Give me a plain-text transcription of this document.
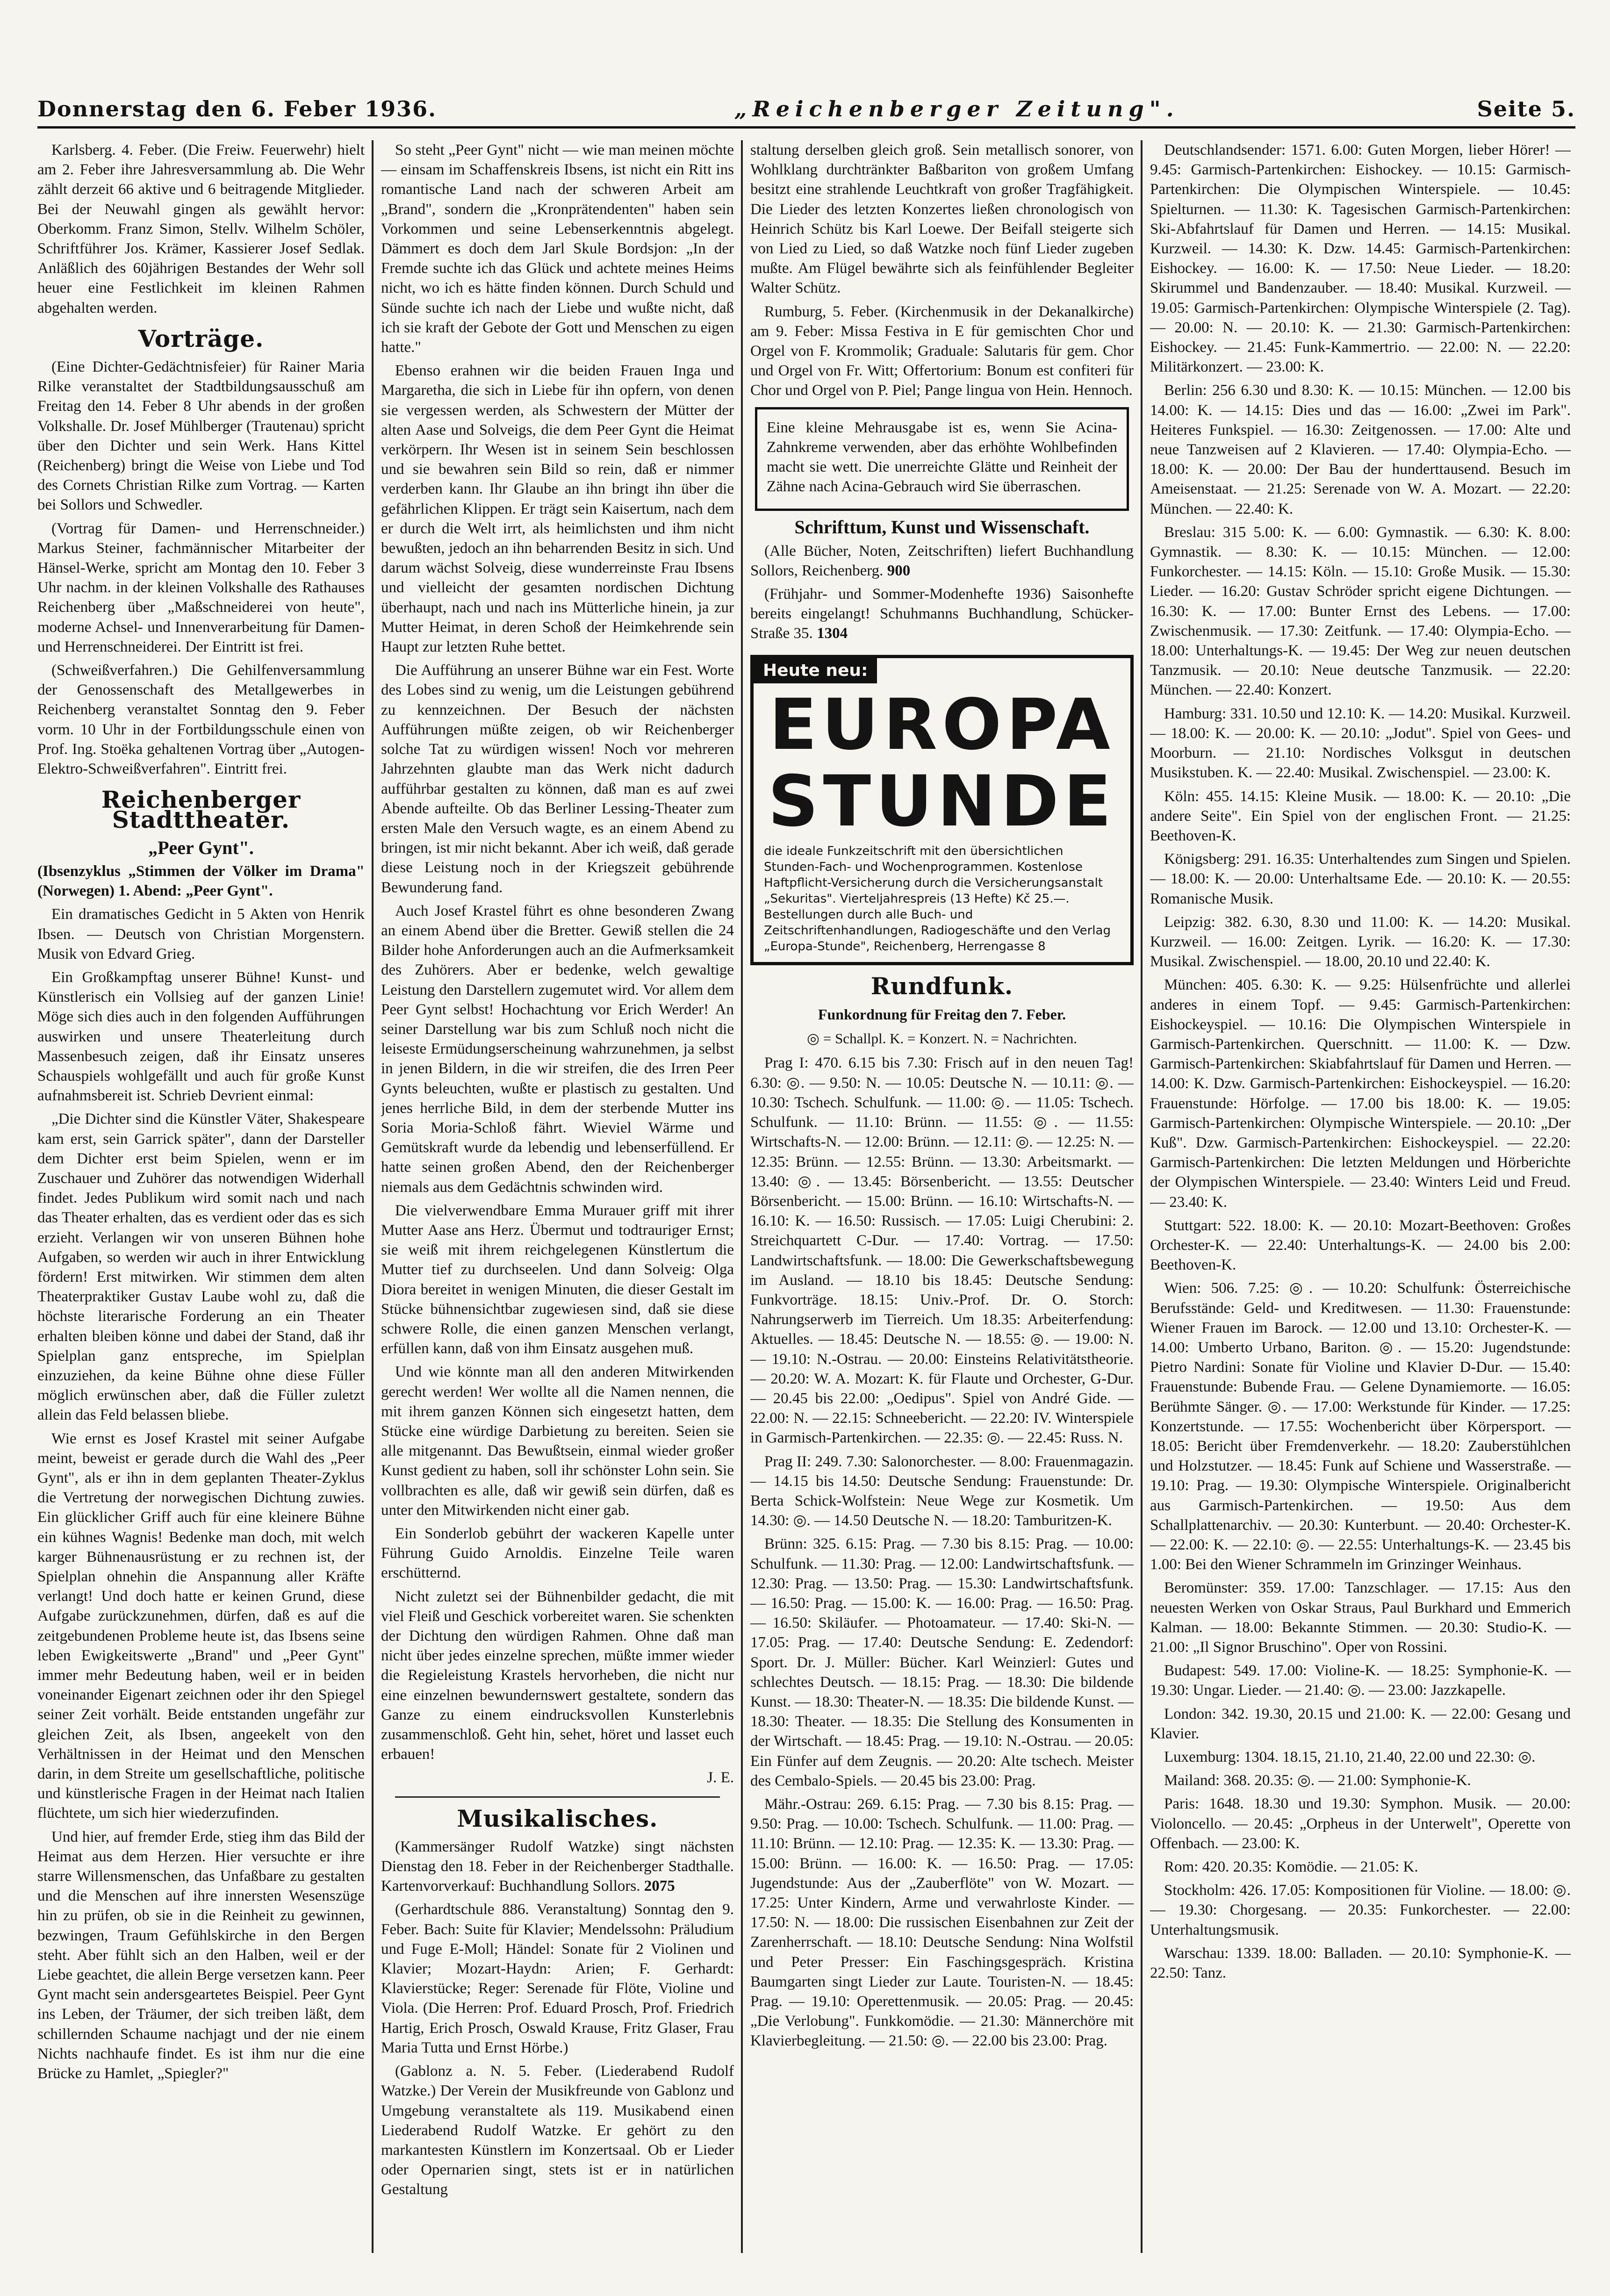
Donnerstag den 6. Feber 1936.	„Reichenberger Zeitung".	Seite 5.

Karlsberg. 4. Feber. (Die Freiw. Feuerwehr) hielt am 2. Feber ihre Jahresversammlung ab. Die Wehr zählt derzeit 66 aktive und 6 beitragende Mitglieder. Bei der Neuwahl gingen als gewählt hervor: Oberkomm. Franz Simon, Stellv. Wilhelm Schöler, Schriftführer Jos. Krämer, Kassierer Josef Sedlak. Anläßlich des 60jährigen Bestandes der Wehr soll heuer eine Festlichkeit im kleinen Rahmen abgehalten werden.

Vorträge.

(Eine Dichter-Gedächtnisfeier) für Rainer Maria Rilke veranstaltet der Stadtbildungsausschuß am Freitag den 14. Feber 8 Uhr abends in der großen Volkshalle. Dr. Josef Mühlberger (Trautenau) spricht über den Dichter und sein Werk. Hans Kittel (Reichenberg) bringt die Weise von Liebe und Tod des Cornets Christian Rilke zum Vortrag. — Karten bei Sollors und Schwedler.

(Vortrag für Damen- und Herrenschneider.) Markus Steiner, fachmännischer Mitarbeiter der Hänsel-Werke, spricht am Montag den 10. Feber 3 Uhr nachm. in der kleinen Volkshalle des Rathauses Reichenberg über „Maßschneiderei von heute", moderne Achsel- und Innenverarbeitung für Damen- und Herrenschneiderei. Der Eintritt ist frei.

(Schweißverfahren.) Die Gehilfenversammlung der Genossenschaft des Metallgewerbes in Reichenberg veranstaltet Sonntag den 9. Feber vorm. 10 Uhr in der Fortbildungsschule einen von Prof. Ing. Stoëka gehaltenen Vortrag über „Autogen-Elektro-Schweißverfahren". Eintritt frei.

Reichenberger Stadttheater.
„Peer Gynt".

(Ibsenzyklus „Stimmen der Völker im Drama" (Norwegen) 1. Abend: „Peer Gynt".

Ein dramatisches Gedicht in 5 Akten von Henrik Ibsen. — Deutsch von Christian Morgenstern. Musik von Edvard Grieg.

Ein Großkampftag unserer Bühne! Kunst- und Künstlerisch ein Vollsieg auf der ganzen Linie! Möge sich dies auch in den folgenden Aufführungen auswirken und unsere Theaterleitung durch Massenbesuch zeigen, daß ihr Einsatz unseres Schauspiels wohlgefällt und auch für große Kunst aufnahmsbereit ist. Schrieb Devrient einmal:

„Die Dichter sind die Künstler Väter, Shakespeare kam erst, sein Garrick später", dann der Darsteller dem Dichter erst beim Spielen, wenn er im Zuschauer und Zuhörer das notwendigen Widerhall findet. Jedes Publikum wird somit nach und nach das Theater erhalten, das es verdient oder das es sich erzieht. Verlangen wir von unseren Bühnen hohe Aufgaben, so werden wir auch in ihrer Entwicklung fördern! Erst mitwirken. Wir stimmen dem alten Theaterpraktiker Gustav Laube wohl zu, daß die höchste literarische Forderung an ein Theater erhalten bleiben könne und dabei der Stand, daß ihr Spielplan ganz entspreche, im Spielplan einzuziehen, da keine Bühne ohne diese Füller möglich erwünschen aber, daß die Füller zuletzt allein das Feld belassen bliebe.

Wie ernst es Josef Krastel mit seiner Aufgabe meint, beweist er gerade durch die Wahl des „Peer Gynt", als er ihn in dem geplanten Theater-Zyklus die Vertretung der norwegischen Dichtung zuwies. Ein glücklicher Griff auch für eine kleinere Bühne ein kühnes Wagnis! Bedenke man doch, mit welch karger Bühnenausrüstung er zu rechnen ist, der Spielplan ohnehin die Anspannung aller Kräfte verlangt! Und doch hatte er keinen Grund, diese Aufgabe zurückzunehmen, dürfen, daß es auf die zeitgebundenen Probleme heute ist, das Ibsens seine leben Ewigkeitswerte „Brand" und „Peer Gynt" immer mehr Bedeutung haben, weil er in beiden voneinander Eigenart zeichnen oder ihr den Spiegel seiner Zeit vorhält. Beide entstanden ungefähr zur gleichen Zeit, als Ibsen, angeekelt von den Verhältnissen in der Heimat und den Menschen darin, in dem Streite um gesellschaftliche, politische und künstlerische Fragen in der Heimat nach Italien flüchtete, um sich hier wiederzufinden.

Und hier, auf fremder Erde, stieg ihm das Bild der Heimat aus dem Herzen. Hier versuchte er ihre starre Willensmenschen, das Unfaßbare zu gestalten und die Menschen auf ihre innersten Wesenszüge hin zu prüfen, ob sie in die Reinheit zu gewinnen, bezwingen, Traum Gefühlskirche in den Bergen steht. Aber fühlt sich an den Halben, weil er der Liebe geachtet, die allein Berge versetzen kann. Peer Gynt macht sein andersgeartetes Beispiel. Peer Gynt ins Leben, der Träumer, der sich treiben läßt, dem schillernden Schaume nachjagt und der nie einem Nichts nachhaufe findet. Es ist ihm nur die eine Brücke zu Hamlet, „Spiegler?"

So steht „Peer Gynt" nicht — wie man meinen möchte — einsam im Schaffenskreis Ibsens, ist nicht ein Ritt ins romantische Land nach der schweren Arbeit am „Brand", sondern die „Kronprätendenten" haben sein Vorkommen und seine Lebenserkenntnis abgelegt. Dämmert es doch dem Jarl Skule Bordsjon: „In der Fremde suchte ich das Glück und achtete meines Heims nicht, wo ich es hätte finden können. Durch Schuld und Sünde suchte ich nach der Liebe und wußte nicht, daß ich sie kraft der Gebote der Gott und Menschen zu eigen hatte."

Ebenso erahnen wir die beiden Frauen Inga und Margaretha, die sich in Liebe für ihn opfern, von denen sie vergessen werden, als Schwestern der Mütter der alten Aase und Solveigs, die dem Peer Gynt die Heimat verkörpern. Ihr Wesen ist in seinem Sein beschlossen und sie bewahren sein Bild so rein, daß er nimmer verderben kann. Ihr Glaube an ihn bringt ihn über die gefährlichen Klippen. Er trägt sein Kaisertum, nach dem er durch die Welt irrt, als heimlichsten und ihm nicht bewußten, jedoch an ihn beharrenden Besitz in sich. Und darum wächst Solveig, diese wunderreinste Frau Ibsens und vielleicht der gesamten nordischen Dichtung überhaupt, nach und nach ins Mütterliche hinein, ja zur Mutter Heimat, in deren Schoß der Heimkehrende sein Haupt zur letzten Ruhe bettet.

Die Aufführung an unserer Bühne war ein Fest. Worte des Lobes sind zu wenig, um die Leistungen gebührend zu kennzeichnen. Der Besuch der nächsten Aufführungen müßte zeigen, ob wir Reichenberger solche Tat zu würdigen wissen! Noch vor mehreren Jahrzehnten glaubte man das Werk nicht dadurch aufführbar gestalten zu können, daß man es auf zwei Abende aufteilte. Ob das Berliner Lessing-Theater zum ersten Male den Versuch wagte, es an einem Abend zu bringen, ist mir nicht bekannt. Aber ich weiß, daß gerade diese Leistung noch in der Kriegszeit gebührende Bewunderung fand.

Auch Josef Krastel führt es ohne besonderen Zwang an einem Abend über die Bretter. Gewiß stellen die 24 Bilder hohe Anforderungen auch an die Aufmerksamkeit des Zuhörers. Aber er bedenke, welch gewaltige Leistung den Darstellern zugemutet wird. Vor allem dem Peer Gynt selbst! Hochachtung vor Erich Werder! An seiner Darstellung war bis zum Schluß noch nicht die leiseste Ermüdungserscheinung wahrzunehmen, ja selbst in jenen Bildern, in die wir streifen, die des Irren Peer Gynts beleuchten, wußte er plastisch zu gestalten. Und jenes herrliche Bild, in dem der sterbende Mutter ins Soria Moria-Schloß fährt. Wieviel Wärme und Gemütskraft wurde da lebendig und lebenserfüllend. Er hatte seinen großen Abend, den der Reichenberger niemals aus dem Gedächtnis schwinden wird.

Die vielverwendbare Emma Murauer griff mit ihrer Mutter Aase ans Herz. Übermut und todtrauriger Ernst; sie weiß mit ihrem reichgelegenen Künstlertum die Mutter tief zu durchseelen. Und dann Solveig: Olga Diora bereitet in wenigen Minuten, die dieser Gestalt im Stücke bühnensichtbar zugewiesen sind, daß sie diese schwere Rolle, die einen ganzen Menschen verlangt, erfüllen kann, daß von ihm Einsatz ausgehen muß.

Und wie könnte man all den anderen Mitwirkenden gerecht werden! Wer wollte all die Namen nennen, die mit ihrem ganzen Können sich eingesetzt hatten, dem Stücke eine würdige Darbietung zu bereiten. Seien sie alle mitgenannt. Das Bewußtsein, einmal wieder großer Kunst gedient zu haben, soll ihr schönster Lohn sein. Sie vollbrachten es alle, daß wir gewiß sein dürfen, daß es unter den Mitwirkenden nicht einer gab.

Ein Sonderlob gebührt der wackeren Kapelle unter Führung Guido Arnoldis. Einzelne Teile waren erschütternd.

Nicht zuletzt sei der Bühnenbilder gedacht, die mit viel Fleiß und Geschick vorbereitet waren. Sie schenkten der Dichtung den würdigen Rahmen. Ohne daß man nicht über jedes einzelne sprechen, müßte immer wieder die Regieleistung Krastels hervorheben, die nicht nur eine einzelnen bewundernswert gestaltete, sondern das Ganze zu einem eindrucksvollen Kunsterlebnis zusammenschloß. Geht hin, sehet, höret und lasset euch erbauen!

J. E.

Musikalisches.

(Kammersänger Rudolf Watzke) singt nächsten Dienstag den 18. Feber in der Reichenberger Stadthalle. Kartenvorverkauf: Buchhandlung Sollors. 2075

(Gerhardtschule 886. Veranstaltung) Sonntag den 9. Feber. Bach: Suite für Klavier; Mendelssohn: Präludium und Fuge E-Moll; Händel: Sonate für 2 Violinen und Klavier; Mozart-Haydn: Arien; F. Gerhardt: Klavierstücke; Reger: Serenade für Flöte, Violine und Viola. (Die Herren: Prof. Eduard Prosch, Prof. Friedrich Hartig, Erich Prosch, Oswald Krause, Fritz Glaser, Frau Maria Tutta und Ernst Hörbe.)

(Gablonz a. N. 5. Feber. (Liederabend Rudolf Watzke.) Der Verein der Musikfreunde von Gablonz und Umgebung veranstaltete als 119. Musikabend einen Liederabend Rudolf Watzke. Er gehört zu den markantesten Künstlern im Konzertsaal. Ob er Lieder oder Opernarien singt, stets ist er in natürlichen Gestaltung

staltung derselben gleich groß. Sein metallisch sonorer, von Wohlklang durchtränkter Baßbariton von großem Umfang besitzt eine strahlende Leuchtkraft von großer Tragfähigkeit. Die Lieder des letzten Konzertes ließen chronologisch von Heinrich Schütz bis Karl Loewe. Der Beifall steigerte sich von Lied zu Lied, so daß Watzke noch fünf Lieder zugeben mußte. Am Flügel bewährte sich als feinfühlender Begleiter Walter Schütz.

Rumburg, 5. Feber. (Kirchenmusik in der Dekanalkirche) am 9. Feber: Missa Festiva in E für gemischten Chor und Orgel von F. Krommolik; Graduale: Salutaris für gem. Chor und Orgel von Fr. Witt; Offertorium: Bonum est confiteri für Chor und Orgel von P. Piel; Pange lingua von Hein. Hennoch.

Eine kleine Mehrausgabe ist es, wenn Sie Acina-Zahnkreme verwenden, aber das erhöhte Wohlbefinden macht sie wett. Die unerreichte Glätte und Reinheit der Zähne nach Acina-Gebrauch wird Sie überraschen.

Schrifttum, Kunst und Wissenschaft.

(Alle Bücher, Noten, Zeitschriften) liefert Buchhandlung Sollors, Reichenberg. 900

(Frühjahr- und Sommer-Modenhefte 1936) Saisonhefte bereits eingelangt! Schuhmanns Buchhandlung, Schücker-Straße 35. 1304

Heute neu:
EUROPA
STUNDE
die ideale Funkzeitschrift mit den übersichtlichen Stunden-Fach- und Wochenprogrammen. Kostenlose Haftpflicht-Versicherung durch die Versicherungsanstalt „Sekuritas". Vierteljahrespreis (13 Hefte) Kč 25.—. Bestellungen durch alle Buch- und Zeitschriftenhandlungen, Radiogeschäfte und den Verlag „Europa-Stunde", Reichenberg, Herrengasse 8
Rundfunk.
Funkordnung für Freitag den 7. Feber.
◎ = Schallpl. K. = Konzert. N. = Nachrichten.

Prag I: 470. 6.15 bis 7.30: Frisch auf in den neuen Tag! 6.30: ◎. — 9.50: N. — 10.05: Deutsche N. — 10.11: ◎. — 10.30: Tschech. Schulfunk. — 11.00: ◎. — 11.05: Tschech. Schulfunk. — 11.10: Brünn. — 11.55: ◎. — 11.55: Wirtschafts-N. — 12.00: Brünn. — 12.11: ◎. — 12.25: N. — 12.35: Brünn. — 12.55: Brünn. — 13.30: Arbeitsmarkt. — 13.40: ◎. — 13.45: Börsenbericht. — 13.55: Deutscher Börsenbericht. — 15.00: Brünn. — 16.10: Wirtschafts-N. — 16.10: K. — 16.50: Russisch. — 17.05: Luigi Cherubini: 2. Streichquartett C-Dur. — 17.40: Vortrag. — 17.50: Landwirtschaftsfunk. — 18.00: Die Gewerkschaftsbewegung im Ausland. — 18.10 bis 18.45: Deutsche Sendung: Funkvorträge. 18.15: Univ.-Prof. Dr. O. Storch: Nahrungserwerb im Tierreich. Um 18.35: Arbeiterfendung: Aktuelles. — 18.45: Deutsche N. — 18.55: ◎. — 19.00: N. — 19.10: N.-Ostrau. — 20.00: Einsteins Relativitätstheorie. — 20.20: W. A. Mozart: K. für Flaute und Orchester, G-Dur. — 20.45 bis 22.00: „Oedipus". Spiel von André Gide. — 22.00: N. — 22.15: Schneebericht. — 22.20: IV. Winterspiele in Garmisch-Partenkirchen. — 22.35: ◎. — 22.45: Russ. N.

Prag II: 249. 7.30: Salonorchester. — 8.00: Frauenmagazin. — 14.15 bis 14.50: Deutsche Sendung: Frauenstunde: Dr. Berta Schick-Wolfstein: Neue Wege zur Kosmetik. Um 14.30: ◎. — 14.50 Deutsche N. — 18.20: Tamburitzen-K.

Brünn: 325. 6.15: Prag. — 7.30 bis 8.15: Prag. — 10.00: Schulfunk. — 11.30: Prag. — 12.00: Landwirtschaftsfunk. — 12.30: Prag. — 13.50: Prag. — 15.30: Landwirtschaftsfunk. — 16.50: Prag. — 15.00: K. — 16.00: Prag. — 16.50: Prag. — 16.50: Skiläufer. — Photoamateur. — 17.40: Ski-N. — 17.05: Prag. — 17.40: Deutsche Sendung: E. Zedendorf: Sport. Dr. J. Müller: Bücher. Karl Weinzierl: Gutes und schlechtes Deutsch. — 18.15: Prag. — 18.30: Die bildende Kunst. — 18.30: Theater-N. — 18.35: Die bildende Kunst. — 18.30: Theater. — 18.35: Die Stellung des Konsumenten in der Wirtschaft. — 18.45: Prag. — 19.10: N.-Ostrau. — 20.05: Ein Fünfer auf dem Zeugnis. — 20.20: Alte tschech. Meister des Cembalo-Spiels. — 20.45 bis 23.00: Prag.

Mähr.-Ostrau: 269. 6.15: Prag. — 7.30 bis 8.15: Prag. — 9.50: Prag. — 10.00: Tschech. Schulfunk. — 11.00: Prag. — 11.10: Brünn. — 12.10: Prag. — 12.35: K. — 13.30: Prag. — 15.00: Brünn. — 16.00: K. — 16.50: Prag. — 17.05: Jugendstunde: Aus der „Zauberflöte" von W. Mozart. — 17.25: Unter Kindern, Arme und verwahrloste Kinder. — 17.50: N. — 18.00: Die russischen Eisenbahnen zur Zeit der Zarenherrschaft. — 18.10: Deutsche Sendung: Nina Wolfstil und Peter Presser: Ein Faschingsgespräch. Kristina Baumgarten singt Lieder zur Laute. Touristen-N. — 18.45: Prag. — 19.10: Operettenmusik. — 20.05: Prag. — 20.45: „Die Verlobung". Funkkomödie. — 21.30: Männerchöre mit Klavierbegleitung. — 21.50: ◎. — 22.00 bis 23.00: Prag.

Deutschlandsender: 1571. 6.00: Guten Morgen, lieber Hörer! — 9.45: Garmisch-Partenkirchen: Eishockey. — 10.15: Garmisch-Partenkirchen: Die Olympischen Winterspiele. — 10.45: Spielturnen. — 11.30: K. Tagesischen Garmisch-Partenkirchen: Ski-Abfahrtslauf für Damen und Herren. — 14.15: Musikal. Kurzweil. — 14.30: K. Dzw. 14.45: Garmisch-Partenkirchen: Eishockey. — 16.00: K. — 17.50: Neue Lieder. — 18.20: Skirummel und Bandenzauber. — 18.40: Musikal. Kurzweil. — 19.05: Garmisch-Partenkirchen: Olympische Winterspiele (2. Tag). — 20.00: N. — 20.10: K. — 21.30: Garmisch-Partenkirchen: Eishockey. — 21.45: Funk-Kammertrio. — 22.00: N. — 22.20: Militärkonzert. — 23.00: K.

Berlin: 256 6.30 und 8.30: K. — 10.15: München. — 12.00 bis 14.00: K. — 14.15: Dies und das — 16.00: „Zwei im Park". Heiteres Funkspiel. — 16.30: Zeitgenossen. — 17.00: Alte und neue Tanzweisen auf 2 Klavieren. — 17.40: Olympia-Echo. — 18.00: K. — 20.00: Der Bau der hunderttausend. Besuch im Ameisenstaat. — 21.25: Serenade von W. A. Mozart. — 22.20: München. — 22.40: K.

Breslau: 315 5.00: K. — 6.00: Gymnastik. — 6.30: K. 8.00: Gymnastik. — 8.30: K. — 10.15: München. — 12.00: Funkorchester. — 14.15: Köln. — 15.10: Große Musik. — 15.30: Lieder. — 16.20: Gustav Schröder spricht eigene Dichtungen. — 16.30: K. — 17.00: Bunter Ernst des Lebens. — 17.00: Zwischenmusik. — 17.30: Zeitfunk. — 17.40: Olympia-Echo. — 18.00: Unterhaltungs-K. — 19.45: Der Weg zur neuen deutschen Tanzmusik. — 20.10: Neue deutsche Tanzmusik. — 22.20: München. — 22.40: Konzert.

Hamburg: 331. 10.50 und 12.10: K. — 14.20: Musikal. Kurzweil. — 18.00: K. — 20.00: K. — 20.10: „Jodut". Spiel von Gees- und Moorburn. — 21.10: Nordisches Volksgut in deutschen Musikstuben. K. — 22.40: Musikal. Zwischenspiel. — 23.00: K.

Köln: 455. 14.15: Kleine Musik. — 18.00: K. — 20.10: „Die andere Seite". Ein Spiel von der englischen Front. — 21.25: Beethoven-K.

Königsberg: 291. 16.35: Unterhaltendes zum Singen und Spielen. — 18.00: K. — 20.00: Unterhaltsame Ede. — 20.10: K. — 20.55: Romanische Musik.

Leipzig: 382. 6.30, 8.30 und 11.00: K. — 14.20: Musikal. Kurzweil. — 16.00: Zeitgen. Lyrik. — 16.20: K. — 17.30: Musikal. Zwischenspiel. — 18.00, 20.10 und 22.40: K.

München: 405. 6.30: K. — 9.25: Hülsenfrüchte und allerlei anderes in einem Topf. — 9.45: Garmisch-Partenkirchen: Eishockeyspiel. — 10.16: Die Olympischen Winterspiele in Garmisch-Partenkirchen. Querschnitt. — 11.00: K. — Dzw. Garmisch-Partenkirchen: Skiabfahrtslauf für Damen und Herren. — 14.00: K. Dzw. Garmisch-Partenkirchen: Eishockeyspiel. — 16.20: Frauenstunde: Hörfolge. — 17.00 bis 18.00: K. — 19.05: Garmisch-Partenkirchen: Olympische Winterspiele. — 20.10: „Der Kuß". Dzw. Garmisch-Partenkirchen: Eishockeyspiel. — 22.20: Garmisch-Partenkirchen: Die letzten Meldungen und Hörberichte der Olympischen Winterspiele. — 23.40: Winters Leid und Freud. — 23.40: K.

Stuttgart: 522. 18.00: K. — 20.10: Mozart-Beethoven: Großes Orchester-K. — 22.40: Unterhaltungs-K. — 24.00 bis 2.00: Beethoven-K.

Wien: 506. 7.25: ◎. — 10.20: Schulfunk: Österreichische Berufsstände: Geld- und Kreditwesen. — 11.30: Frauenstunde: Wiener Frauen im Barock. — 12.00 und 13.10: Orchester-K. — 14.00: Umberto Urbano, Bariton. ◎. — 15.20: Jugendstunde: Pietro Nardini: Sonate für Violine und Klavier D-Dur. — 15.40: Frauenstunde: Bubende Frau. — Gelene Dynamiemorte. — 16.05: Berühmte Sänger. ◎. — 17.00: Werkstunde für Kinder. — 17.25: Konzertstunde. — 17.55: Wochenbericht über Körpersport. — 18.05: Bericht über Fremdenverkehr. — 18.20: Zauberstühlchen und Holzstutzer. — 18.45: Funk auf Schiene und Wasserstraße. — 19.10: Prag. — 19.30: Olympische Winterspiele. Originalbericht aus Garmisch-Partenkirchen. — 19.50: Aus dem Schallplattenarchiv. — 20.30: Kunterbunt. — 20.40: Orchester-K. — 22.00: K. — 22.10: ◎. — 22.55: Unterhaltungs-K. — 23.45 bis 1.00: Bei den Wiener Schrammeln im Grinzinger Weinhaus.

Beromünster: 359. 17.00: Tanzschlager. — 17.15: Aus den neuesten Werken von Oskar Straus, Paul Burkhard und Emmerich Kalman. — 18.00: Bekannte Stimmen. — 20.30: Studio-K. — 21.00: „Il Signor Bruschino". Oper von Rossini.

Budapest: 549. 17.00: Violine-K. — 18.25: Symphonie-K. — 19.30: Ungar. Lieder. — 21.40: ◎. — 23.00: Jazzkapelle.

London: 342. 19.30, 20.15 und 21.00: K. — 22.00: Gesang und Klavier.

Luxemburg: 1304. 18.15, 21.10, 21.40, 22.00 und 22.30: ◎.

Mailand: 368. 20.35: ◎. — 21.00: Symphonie-K.

Paris: 1648. 18.30 und 19.30: Symphon. Musik. — 20.00: Violoncello. — 20.45: „Orpheus in der Unterwelt", Operette von Offenbach. — 23.00: K.

Rom: 420. 20.35: Komödie. — 21.05: K.

Stockholm: 426. 17.05: Kompositionen für Violine. — 18.00: ◎. — 19.30: Chorgesang. — 20.35: Funkorchester. — 22.00: Unterhaltungsmusik.

Warschau: 1339. 18.00: Balladen. — 20.10: Symphonie-K. — 22.50: Tanz.
